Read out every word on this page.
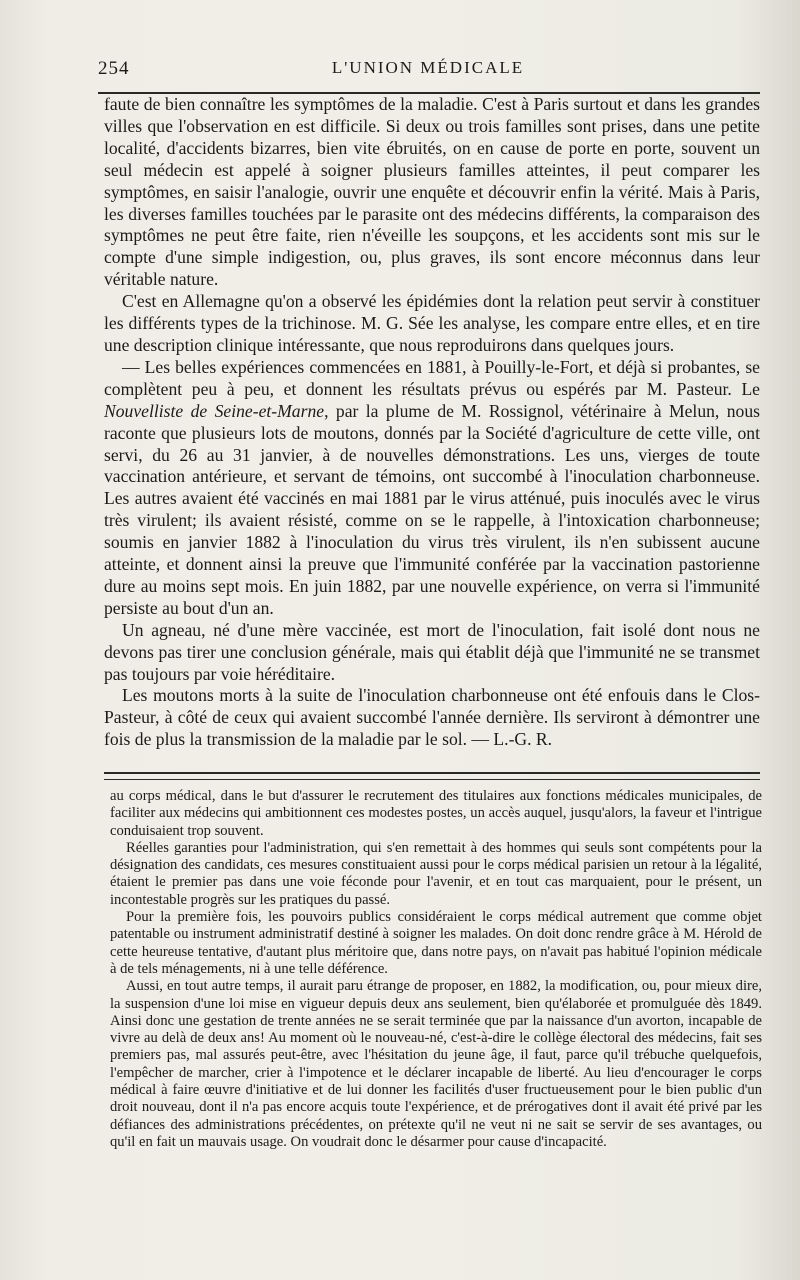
254	L'UNION MÉDICALE

faute de bien connaître les symptômes de la maladie. C'est à Paris surtout et dans les grandes villes que l'observation en est difficile. Si deux ou trois familles sont prises, dans une petite localité, d'accidents bizarres, bien vite ébruités, on en cause de porte en porte, souvent un seul médecin est appelé à soigner plusieurs familles atteintes, il peut comparer les symptômes, en saisir l'analogie, ouvrir une enquête et découvrir enfin la vérité. Mais à Paris, les diverses familles touchées par le parasite ont des médecins différents, la comparaison des symptômes ne peut être faite, rien n'éveille les soupçons, et les accidents sont mis sur le compte d'une simple indigestion, ou, plus graves, ils sont encore méconnus dans leur véritable nature.

C'est en Allemagne qu'on a observé les épidémies dont la relation peut servir à constituer les différents types de la trichinose. M. G. Sée les analyse, les compare entre elles, et en tire une description clinique intéressante, que nous reproduirons dans quelques jours.

— Les belles expériences commencées en 1881, à Pouilly-le-Fort, et déjà si probantes, se complètent peu à peu, et donnent les résultats prévus ou espérés par M. Pasteur. Le Nouvelliste de Seine-et-Marne, par la plume de M. Rossignol, vétérinaire à Melun, nous raconte que plusieurs lots de moutons, donnés par la Société d'agriculture de cette ville, ont servi, du 26 au 31 janvier, à de nouvelles démonstrations. Les uns, vierges de toute vaccination antérieure, et servant de témoins, ont succombé à l'inoculation charbonneuse. Les autres avaient été vaccinés en mai 1881 par le virus atténué, puis inoculés avec le virus très virulent; ils avaient résisté, comme on se le rappelle, à l'intoxication charbonneuse; soumis en janvier 1882 à l'inoculation du virus très virulent, ils n'en subissent aucune atteinte, et donnent ainsi la preuve que l'immunité conférée par la vaccination pastorienne dure au moins sept mois. En juin 1882, par une nouvelle expérience, on verra si l'immunité persiste au bout d'un an.

Un agneau, né d'une mère vaccinée, est mort de l'inoculation, fait isolé dont nous ne devons pas tirer une conclusion générale, mais qui établit déjà que l'immunité ne se transmet pas toujours par voie héréditaire.

Les moutons morts à la suite de l'inoculation charbonneuse ont été enfouis dans le Clos-Pasteur, à côté de ceux qui avaient succombé l'année dernière. Ils serviront à démontrer une fois de plus la transmission de la maladie par le sol. — L.-G. R.

au corps médical, dans le but d'assurer le recrutement des titulaires aux fonctions médicales municipales, de faciliter aux médecins qui ambitionnent ces modestes postes, un accès auquel, jusqu'alors, la faveur et l'intrigue conduisaient trop souvent.

Réelles garanties pour l'administration, qui s'en remettait à des hommes qui seuls sont compétents pour la désignation des candidats, ces mesures constituaient aussi pour le corps médical parisien un retour à la légalité, étaient le premier pas dans une voie féconde pour l'avenir, et en tout cas marquaient, pour le présent, un incontestable progrès sur les pratiques du passé.

Pour la première fois, les pouvoirs publics considéraient le corps médical autrement que comme objet patentable ou instrument administratif destiné à soigner les malades. On doit donc rendre grâce à M. Hérold de cette heureuse tentative, d'autant plus méritoire que, dans notre pays, on n'avait pas habitué l'opinion médicale à de tels ménagements, ni à une telle déférence.

Aussi, en tout autre temps, il aurait paru étrange de proposer, en 1882, la modification, ou, pour mieux dire, la suspension d'une loi mise en vigueur depuis deux ans seulement, bien qu'élaborée et promulguée dès 1849. Ainsi donc une gestation de trente années ne se serait terminée que par la naissance d'un avorton, incapable de vivre au delà de deux ans! Au moment où le nouveau-né, c'est-à-dire le collège électoral des médecins, fait ses premiers pas, mal assurés peut-être, avec l'hésitation du jeune âge, il faut, parce qu'il trébuche quelquefois, l'empêcher de marcher, crier à l'impotence et le déclarer incapable de liberté. Au lieu d'encourager le corps médical à faire œuvre d'initiative et de lui donner les facilités d'user fructueusement pour le bien public d'un droit nouveau, dont il n'a pas encore acquis toute l'expérience, et de prérogatives dont il avait été privé par les défiances des administrations précédentes, on prétexte qu'il ne veut ni ne sait se servir de ses avantages, ou qu'il en fait un mauvais usage. On voudrait donc le désarmer pour cause d'incapacité.
